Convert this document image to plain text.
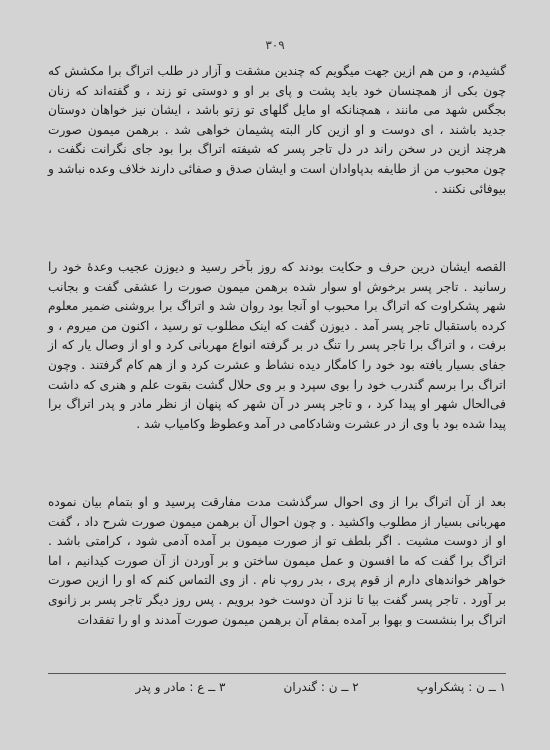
۳۰۹

گشیدم، و من هم ازین جهت میگویم که چندین مشقت و آزار در طلب اتراگ برا مکشش که چون بکی از همچنسان خود باید پشت و پای بر او و دوستی تو زند ، و گفته‌اند که زنان بجگس شهد می مانند ، همچنانکه او مایل گلهای تو زتو باشد ، ایشان نیز خواهان دوستان جدید باشند ، ای دوست و او ازین کار البته پشیمان خواهی شد . برهمن میمون صورت هرچند ازین در سخن راند در دل تاجر پسر که شیفته اتراگ برا بود جای نگرانت نگفت ، چون محبوب من از طایفه بدپاوادان است و ایشان صدق و صفائی دارند خلاف وعده نباشد و بیوفائی نکنند .

القصه ایشان درین حرف و حکایت بودند که روز بآخر رسید و دیوزن عجیب وعدهٔ خود را رسانید . تاجر پسر برخوش او سوار شده برهمن میمون صورت را عشقی گفت و بجانب شهر پشکراوت که اتراگ برا محبوب او آنجا بود روان شد و اتراگ برا بروشنی ضمیر معلوم کرده باستقبال تاجر پسر آمد . دیوزن گفت که اینک مطلوب تو رسید ، اکنون من میروم ، و برفت ، و اتراگ برا تاجر پسر را تنگ در بر گرفته انواع مهربانی کرد و او از وصال یار که از جفای بسیار یافته بود خود را کامگار دیده نشاط و عشرت کرد و از هم کام گرفتند . وچون اتراگ برا برسم گندرب خود را بوی سپرد و بر وی حلال گشت بقوت علم و هنری که داشت فی‌الحال شهر او پیدا کرد ، و تاجر پسر در آن شهر که پنهان از نظر مادر و پدر اتراگ برا پیدا شده بود با وی از در عشرت وشادکامی در آمد وعطوظ وکامیاب شد .

بعد از آن اتراگ برا از وی احوال سرگذشت مدت مفارقت پرسید و او بتمام بیان نموده مهربانی بسیار از مطلوب واکشید . و چون احوال آن برهمن میمون صورت شرح داد ، گفت او از دوست مشیت . اگر بلطف تو از صورت میمون بر آمده آدمی شود ، کرامتی باشد . اتراگ برا گفت که ما افسون و عمل میمون ساختن و بر آوردن از آن صورت کیدانیم ، اما خواهر خواندهای دارم از قوم پری ، بدر روپ نام . از وی التماس کنم که او را ازین صورت بر آورد . تاجر پسر گفت بیا تا نزد آن دوست خود برویم . پس روز دیگر تاجر پسر بر زانوی اتراگ برا بنشست و بهوا بر آمده بمقام آن برهمن میمون صورت آمدند و او را تفقدات

۱ ــ ن : پشکراوپ
۲ ــ ن : گندران
۳ ــ ع : مادر و پدر
